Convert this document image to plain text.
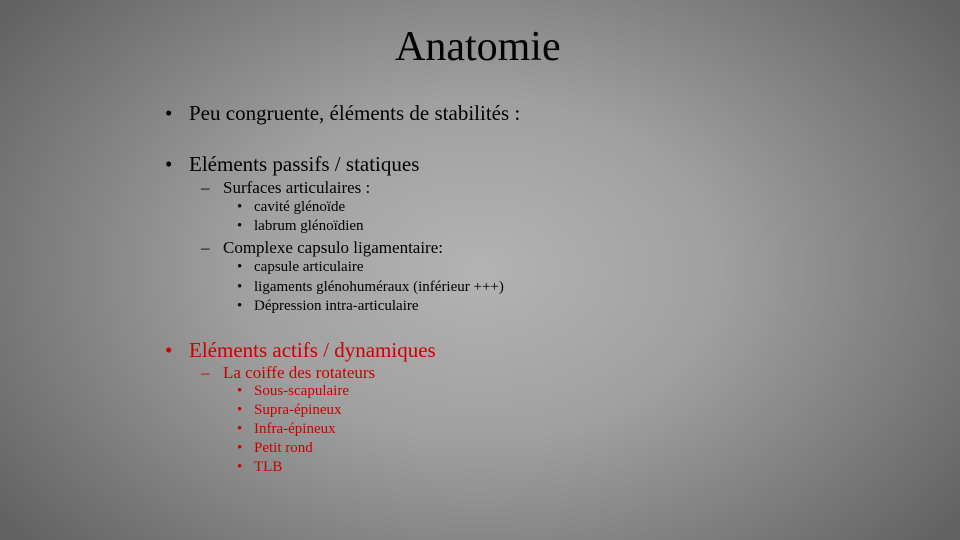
Anatomie
• Peu congruente, éléments de stabilités :
• Eléments passifs / statiques
– Surfaces articulaires :
• cavité glénoïde
• labrum glénoïdien
– Complexe capsulo ligamentaire:
• capsule articulaire
• ligaments glénohuméraux (inférieur +++)
• Dépression intra-articulaire
• Eléments actifs / dynamiques
– La coiffe des rotateurs
• Sous-scapulaire
• Supra-épineux
• Infra-épineux
• Petit rond
• TLB
